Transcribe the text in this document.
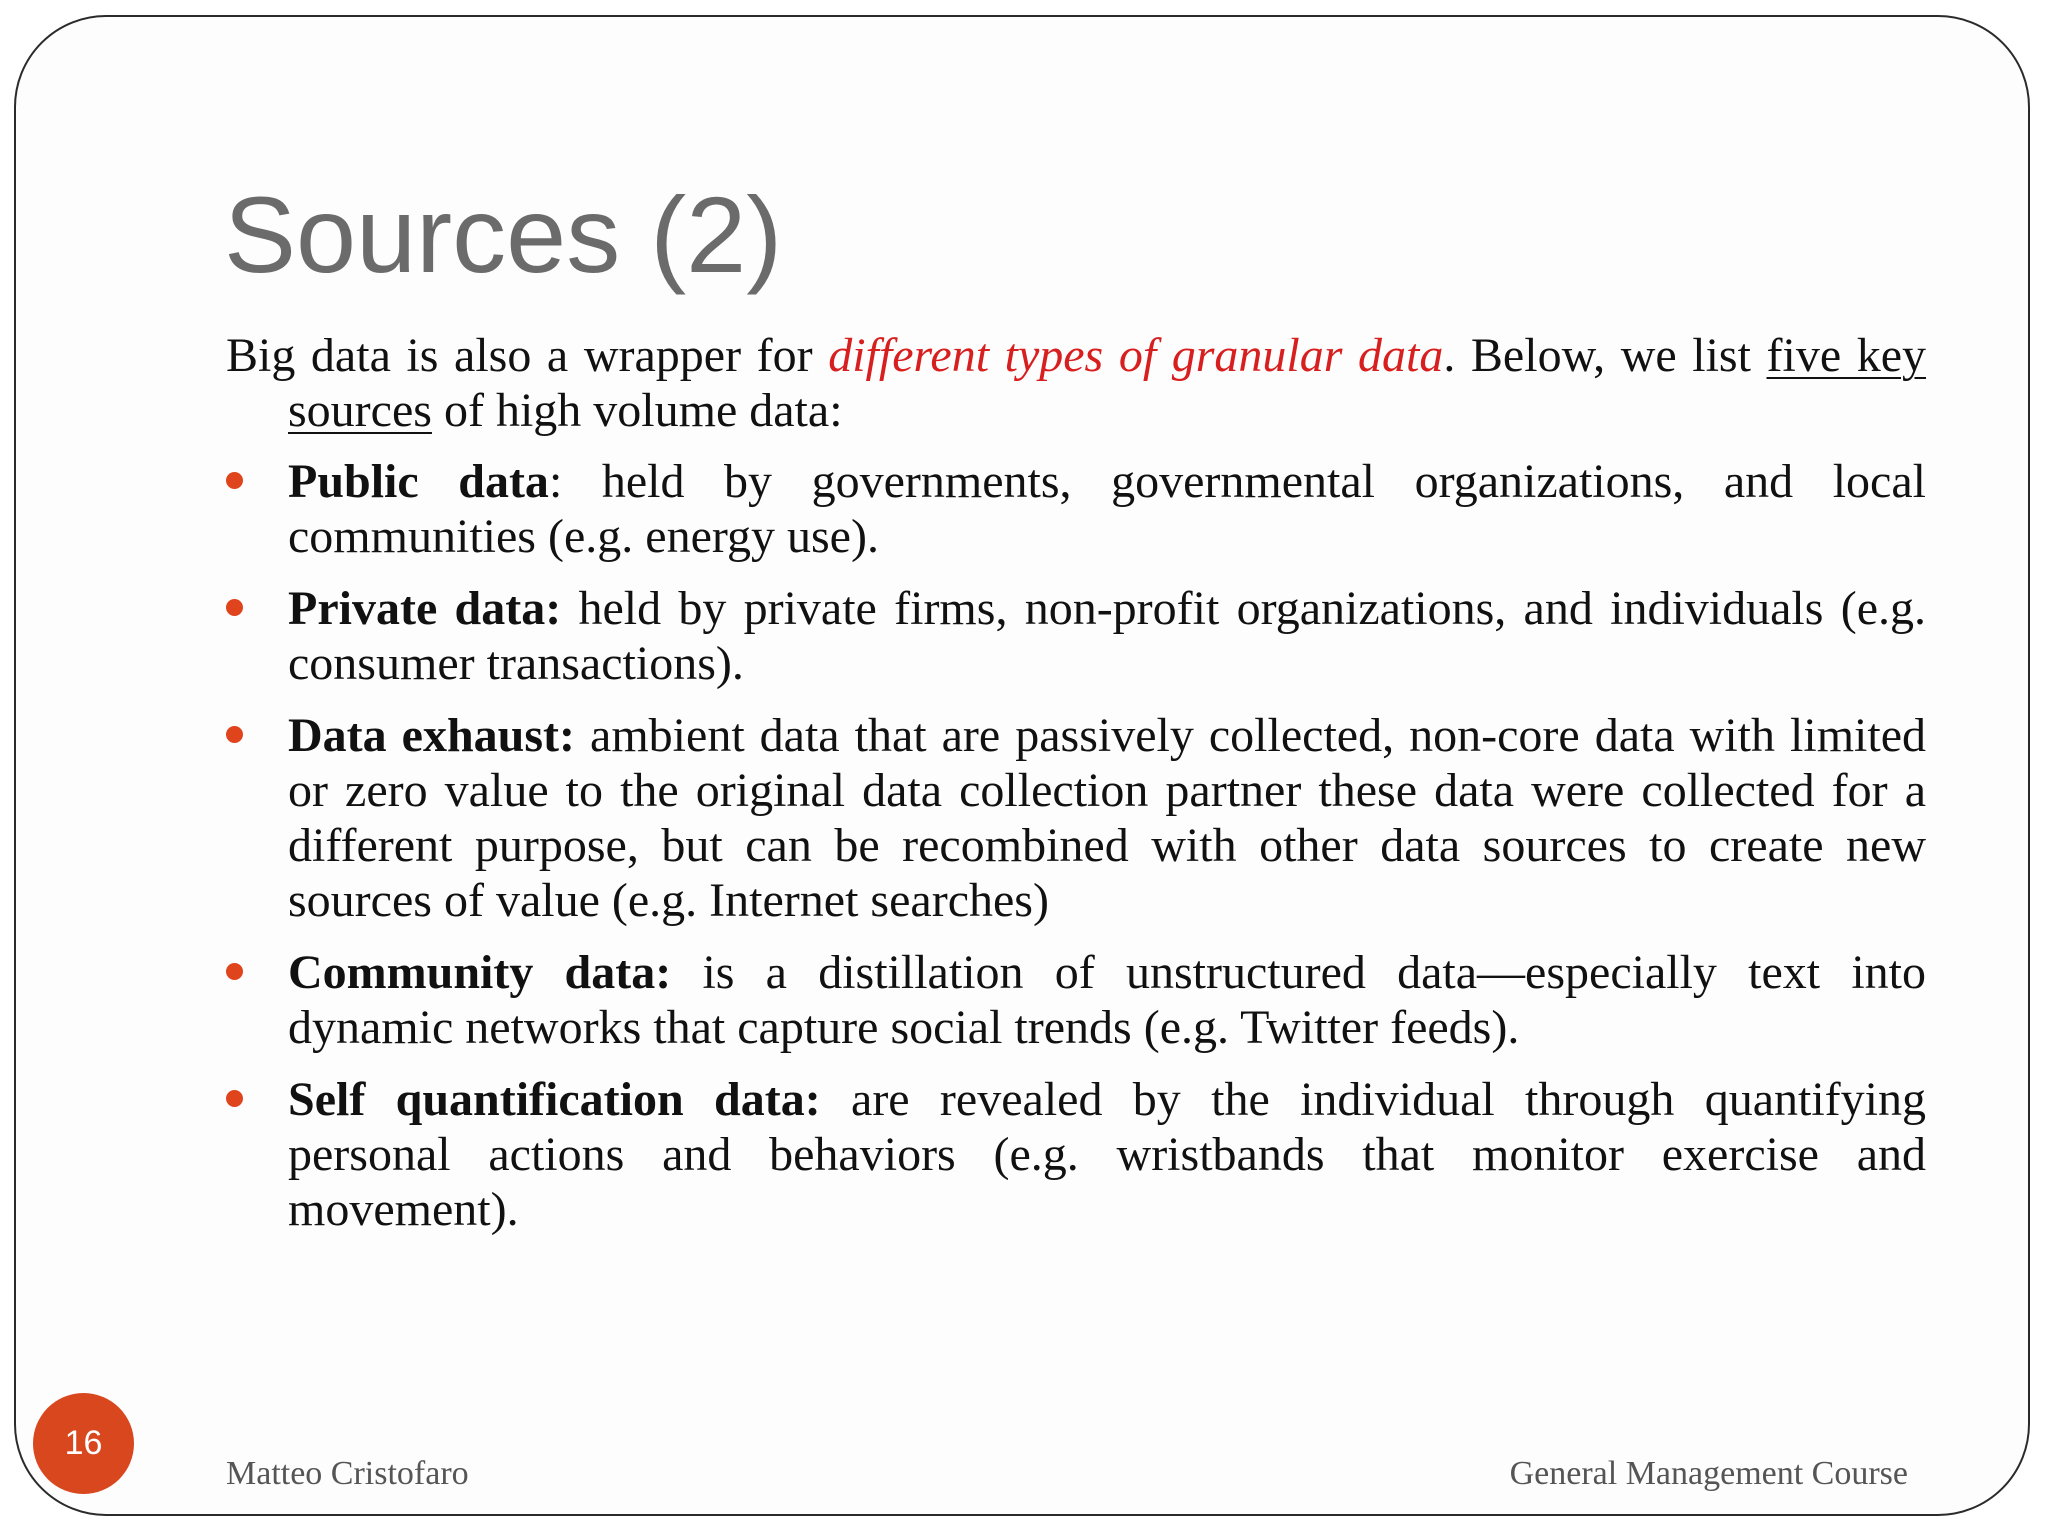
Sources (2)

Big data is also a wrapper for different types of granular data. Below, we list five key sources of high volume data:

Public data: held by governments, governmental organizations, and local communities (e.g. energy use).
Private data: held by private firms, non-profit organizations, and individuals (e.g. consumer transactions).
Data exhaust: ambient data that are passively collected, non-core data with limited or zero value to the original data collection partner these data were collected for a different purpose, but can be recombined with other data sources to create new sources of value (e.g. Internet searches)
Community data: is a distillation of unstructured data—especially text into dynamic networks that capture social trends (e.g. Twitter feeds).
Self quantification data: are revealed by the individual through quantifying personal actions and behaviors (e.g. wristbands that monitor exercise and movement).
16
Matteo Cristofaro	General Management Course
